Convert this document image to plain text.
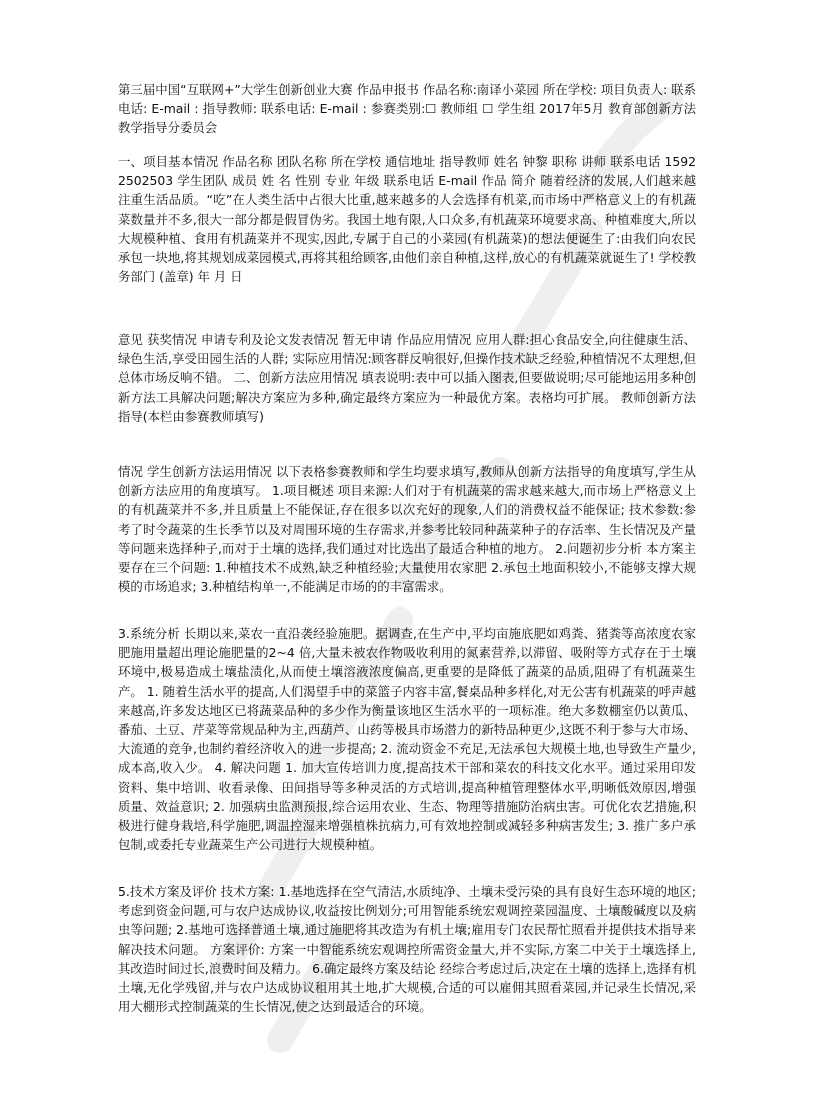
第三届中国“互联网+”大学生创新创业大赛 作品申报书 作品名称:南译小菜园 所在学校: 项目负责人: 联系电话: E-mail : 指导教师: 联系电话: E-mail : 参赛类别:☐ 教师组 ☐ 学生组 2017年5月 教育部创新方法教学指导分委员会

一、项目基本情况 作品名称 团队名称 所在学校 通信地址 指导教师 姓名 钟黎 职称 讲师 联系电话 15922502503 学生团队 成员 姓 名 性别 专业 年级 联系电话 E-mail 作品 简介 随着经济的发展,人们越来越注重生活品质。“吃”在人类生活中占很大比重,越来越多的人会选择有机菜,而市场中严格意义上的有机蔬菜数量并不多,很大一部分都是假冒伪劣。我国土地有限,人口众多,有机蔬菜环境要求高、种植难度大,所以大规模种植、食用有机蔬菜并不现实,因此,专属于自己的小菜园(有机蔬菜)的想法便诞生了:由我们向农民承包一块地,将其规划成菜园模式,再将其租给顾客,由他们亲自种植,这样,放心的有机蔬菜就诞生了! 学校教务部门 (盖章) 年 月 日

意见 获奖情况 申请专利及论文发表情况 暂无申请 作品应用情况 应用人群:担心食品安全,向往健康生活、绿色生活,享受田园生活的人群; 实际应用情况:顾客群反响很好,但操作技术缺乏经验,种植情况不太理想,但总体市场反响不错。 二、创新方法应用情况 填表说明:表中可以插入图表,但要做说明;尽可能地运用多种创新方法工具解决问题;解决方案应为多种,确定最终方案应为一种最优方案。表格均可扩展。 教师创新方法指导(本栏由参赛教师填写)

情况 学生创新方法运用情况 以下表格参赛教师和学生均要求填写,教师从创新方法指导的角度填写,学生从创新方法应用的角度填写。 1.项目概述 项目来源:人们对于有机蔬菜的需求越来越大,而市场上严格意义上的有机蔬菜并不多,并且质量上不能保证,存在很多以次充好的现象,人们的消费权益不能保证; 技术参数:参考了时令蔬菜的生长季节以及对周围环境的生存需求,并参考比较同种蔬菜种子的存活率、生长情况及产量等问题来选择种子,而对于土壤的选择,我们通过对比选出了最适合种植的地方。 2.问题初步分析 本方案主要存在三个问题: 1.种植技术不成熟,缺乏种植经验;大量使用农家肥 2.承包土地面积较小,不能够支撑大规模的市场追求; 3.种植结构单一,不能满足市场的的丰富需求。

3.系统分析 长期以来,菜农一直沿袭经验施肥。据调查,在生产中,平均亩施底肥如鸡粪、猪粪等高浓度农家肥施用量超出理论施肥量的2~4 倍,大量未被农作物吸收利用的氮素营养,以滞留、吸附等方式存在于土壤环境中,极易造成土壤盐渍化,从而使土壤溶液浓度偏高,更重要的是降低了蔬菜的品质,阻碍了有机蔬菜生产。 1. 随着生活水平的提高,人们渴望手中的菜篮子内容丰富,餐桌品种多样化,对无公害有机蔬菜的呼声越来越高,许多发达地区已将蔬菜品种的多少作为衡量该地区生活水平的一项标准。绝大多数棚室仍以黄瓜、番茄、土豆、芹菜等常规品种为主,西葫芦、山药等极具市场潜力的新特品种更少,这既不利于参与大市场、大流通的竞争,也制约着经济收入的进一步提高; 2. 流动资金不充足,无法承包大规模土地,也导致生产量少,成本高,收入少。 4. 解决问题 1. 加大宣传培训力度,提高技术干部和菜农的科技文化水平。通过采用印发资料、集中培训、收看录像、田间指导等多种灵活的方式培训,提高种植管理整体水平,明晰低效原因,增强质量、效益意识; 2. 加强病虫监测预报,综合运用农业、生态、物理等措施防治病虫害。可优化农艺措施,积极进行健身栽培,科学施肥,调温控湿来增强植株抗病力,可有效地控制或减轻多种病害发生; 3. 推广多户承包制,或委托专业蔬菜生产公司进行大规模种植。

5.技术方案及评价 技术方案: 1.基地选择在空气清洁,水质纯净、土壤未受污染的具有良好生态环境的地区;考虑到资金问题,可与农户达成协议,收益按比例划分;可用智能系统宏观调控菜园温度、土壤酸碱度以及病虫等问题; 2.基地可选择普通土壤,通过施肥将其改造为有机土壤;雇用专门农民帮忙照看并提供技术指导来解决技术问题。 方案评价: 方案一中智能系统宏观调控所需资金量大,并不实际,方案二中关于土壤选择上,其改造时间过长,浪费时间及精力。 6.确定最终方案及结论 经综合考虑过后,决定在土壤的选择上,选择有机土壤,无化学残留,并与农户达成协议租用其土地,扩大规模,合适的可以雇佣其照看菜园,并记录生长情况,采用大棚形式控制蔬菜的生长情况,使之达到最适合的环境。
